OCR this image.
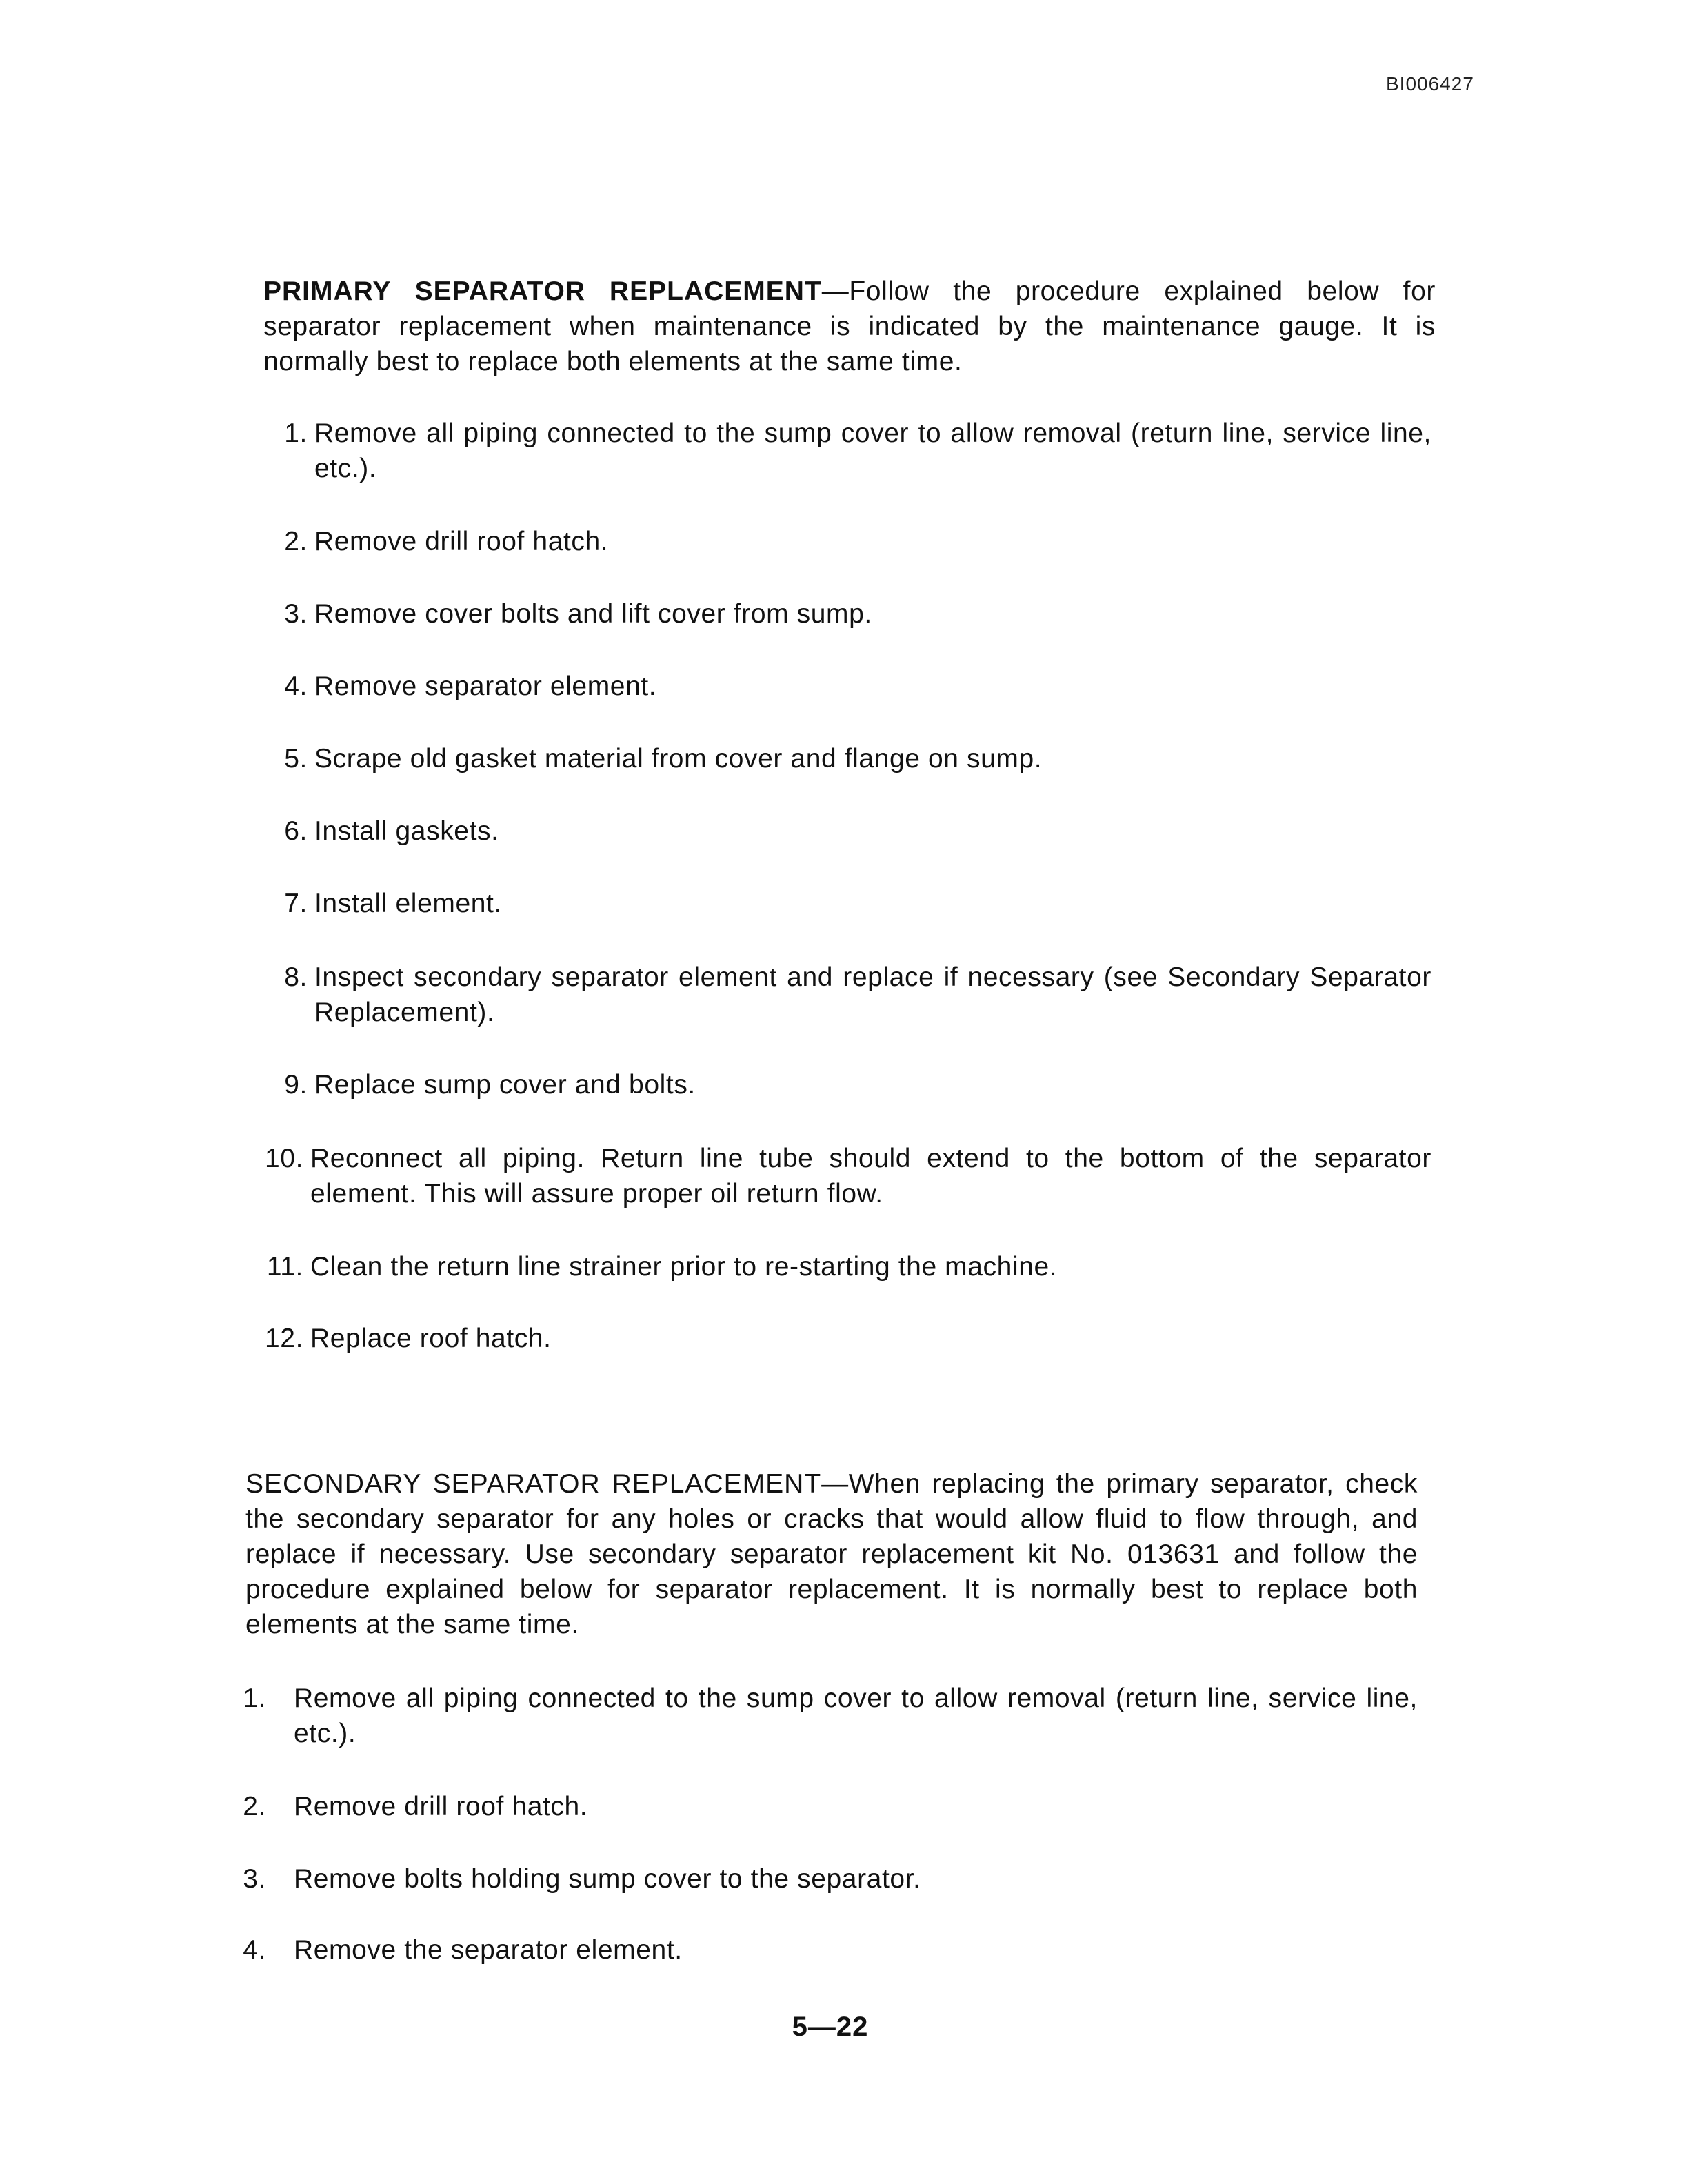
BI006427
PRIMARY SEPARATOR REPLACEMENT—Follow the procedure explained below for separator replacement when maintenance is indicated by the maintenance gauge. It is normally best to replace both elements at the same time.
1. Remove all piping connected to the sump cover to allow removal (return line, service line, etc.).
2. Remove drill roof hatch.
3. Remove cover bolts and lift cover from sump.
4. Remove separator element.
5. Scrape old gasket material from cover and flange on sump.
6. Install gaskets.
7. Install element.
8. Inspect secondary separator element and replace if necessary (see Secondary Separator Replacement).
9. Replace sump cover and bolts.
10. Reconnect all piping. Return line tube should extend to the bottom of the separator element. This will assure proper oil return flow.
11. Clean the return line strainer prior to re-starting the machine.
12. Replace roof hatch.
SECONDARY SEPARATOR REPLACEMENT—When replacing the primary separator, check the secondary separator for any holes or cracks that would allow fluid to flow through, and replace if necessary. Use secondary separator replacement kit No. 013631 and follow the procedure explained below for separator replacement. It is normally best to replace both elements at the same time.
1. Remove all piping connected to the sump cover to allow removal (return line, service line, etc.).
2. Remove drill roof hatch.
3. Remove bolts holding sump cover to the separator.
4. Remove the separator element.
5—22
